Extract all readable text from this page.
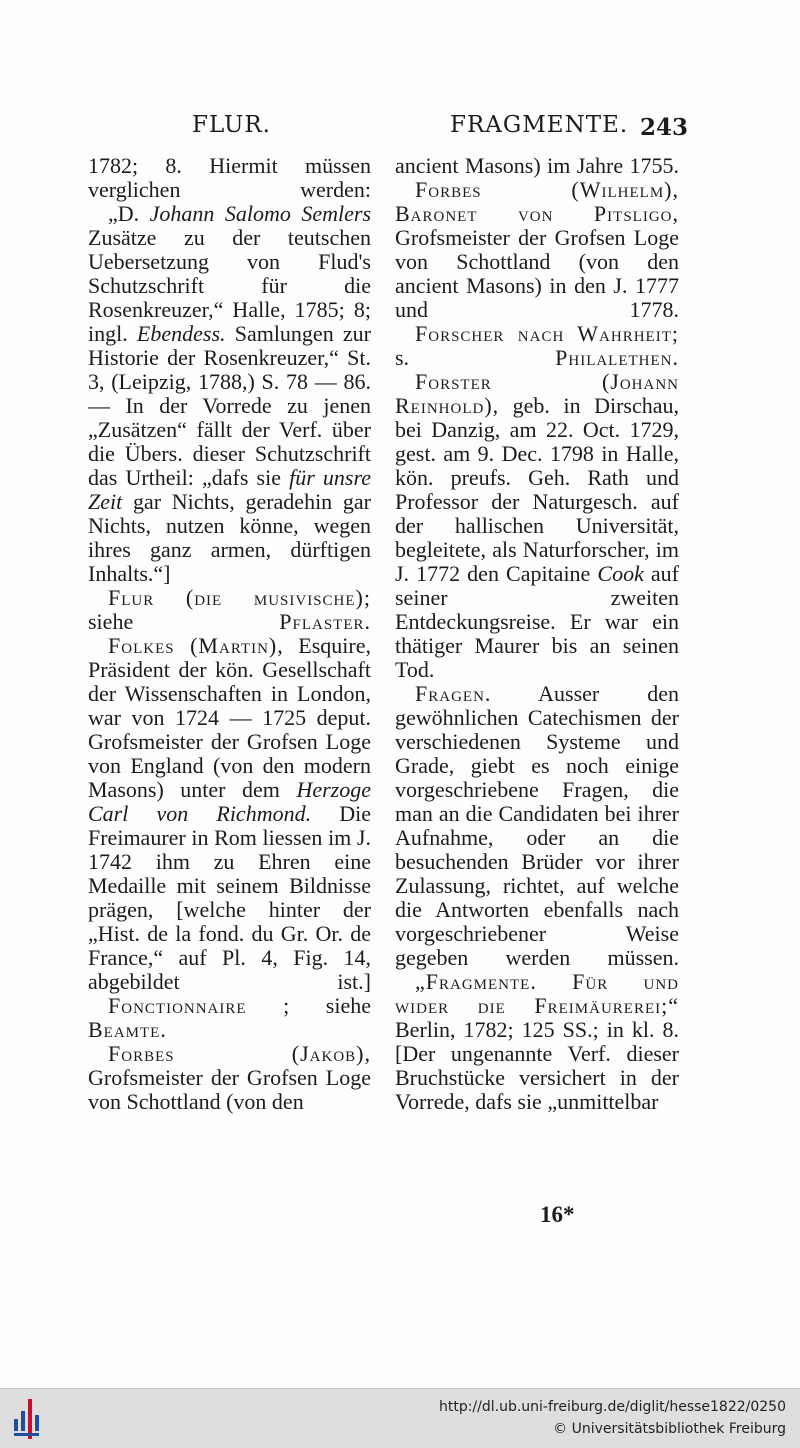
FLUR.	FRAGMENTE. 243

1782; 8. Hiermit müssen verglichen werden:

„D. Johann Salomo Semlers Zusätze zu der teutschen Uebersetzung von Flud's Schutzschrift für die Rosenkreuzer,“ Halle, 1785; 8; ingl. Ebendess. Samlungen zur Historie der Rosenkreuzer,“ St. 3, (Leipzig, 1788,) S. 78 — 86. — In der Vorrede zu jenen „Zusätzen“ fällt der Verf. über die Übers. dieser Schutzschrift das Urtheil: „dafs sie für unsre Zeit gar Nichts, geradehin gar Nichts, nutzen könne, wegen ihres ganz armen, dürftigen Inhalts.“]

Flur (die musivische); siehe Pflaster.

Folkes (Martin), Esquire, Präsident der kön. Gesellschaft der Wissenschaften in London, war von 1724 — 1725 deput. Grofsmeister der Grofsen Loge von England (von den modern Masons) unter dem Herzoge Carl von Richmond. Die Freimaurer in Rom liessen im J. 1742 ihm zu Ehren eine Medaille mit seinem Bildnisse prägen, [welche hinter der „Hist. de la fond. du Gr. Or. de France,“ auf Pl. 4, Fig. 14, abgebildet ist.]

Fonctionnaire ; siehe Beamte.

Forbes (Jakob), Grofsmeister der Grofsen Loge von Schottland (von den

ancient Masons) im Jahre 1755.

Forbes (Wilhelm), Baronet von Pitsligo, Grofsmeister der Grofsen Loge von Schottland (von den ancient Masons) in den J. 1777 und 1778.

Forscher nach Wahrheit; s. Philalethen.

Forster (Johann Reinhold), geb. in Dirschau, bei Danzig, am 22. Oct. 1729, gest. am 9. Dec. 1798 in Halle, kön. preufs. Geh. Rath und Professor der Naturgesch. auf der hallischen Universität, begleitete, als Naturforscher, im J. 1772 den Capitaine Cook auf seiner zweiten Entdeckungsreise. Er war ein thätiger Maurer bis an seinen Tod.

Fragen. Ausser den gewöhnlichen Catechismen der verschiedenen Systeme und Grade, giebt es noch einige vorgeschriebene Fragen, die man an die Candidaten bei ihrer Aufnahme, oder an die besuchenden Brüder vor ihrer Zulassung, richtet, auf welche die Antworten ebenfalls nach vorgeschriebener Weise gegeben werden müssen.

„Fragmente. Für und wider die Freimäurerei;“ Berlin, 1782; 125 SS.; in kl. 8. [Der ungenannte Verf. dieser Bruchstücke versichert in der Vorrede, dafs sie „unmittelbar

16*
http://dl.ub.uni-freiburg.de/diglit/hesse1822/0250
© Universitätsbibliothek Freiburg
